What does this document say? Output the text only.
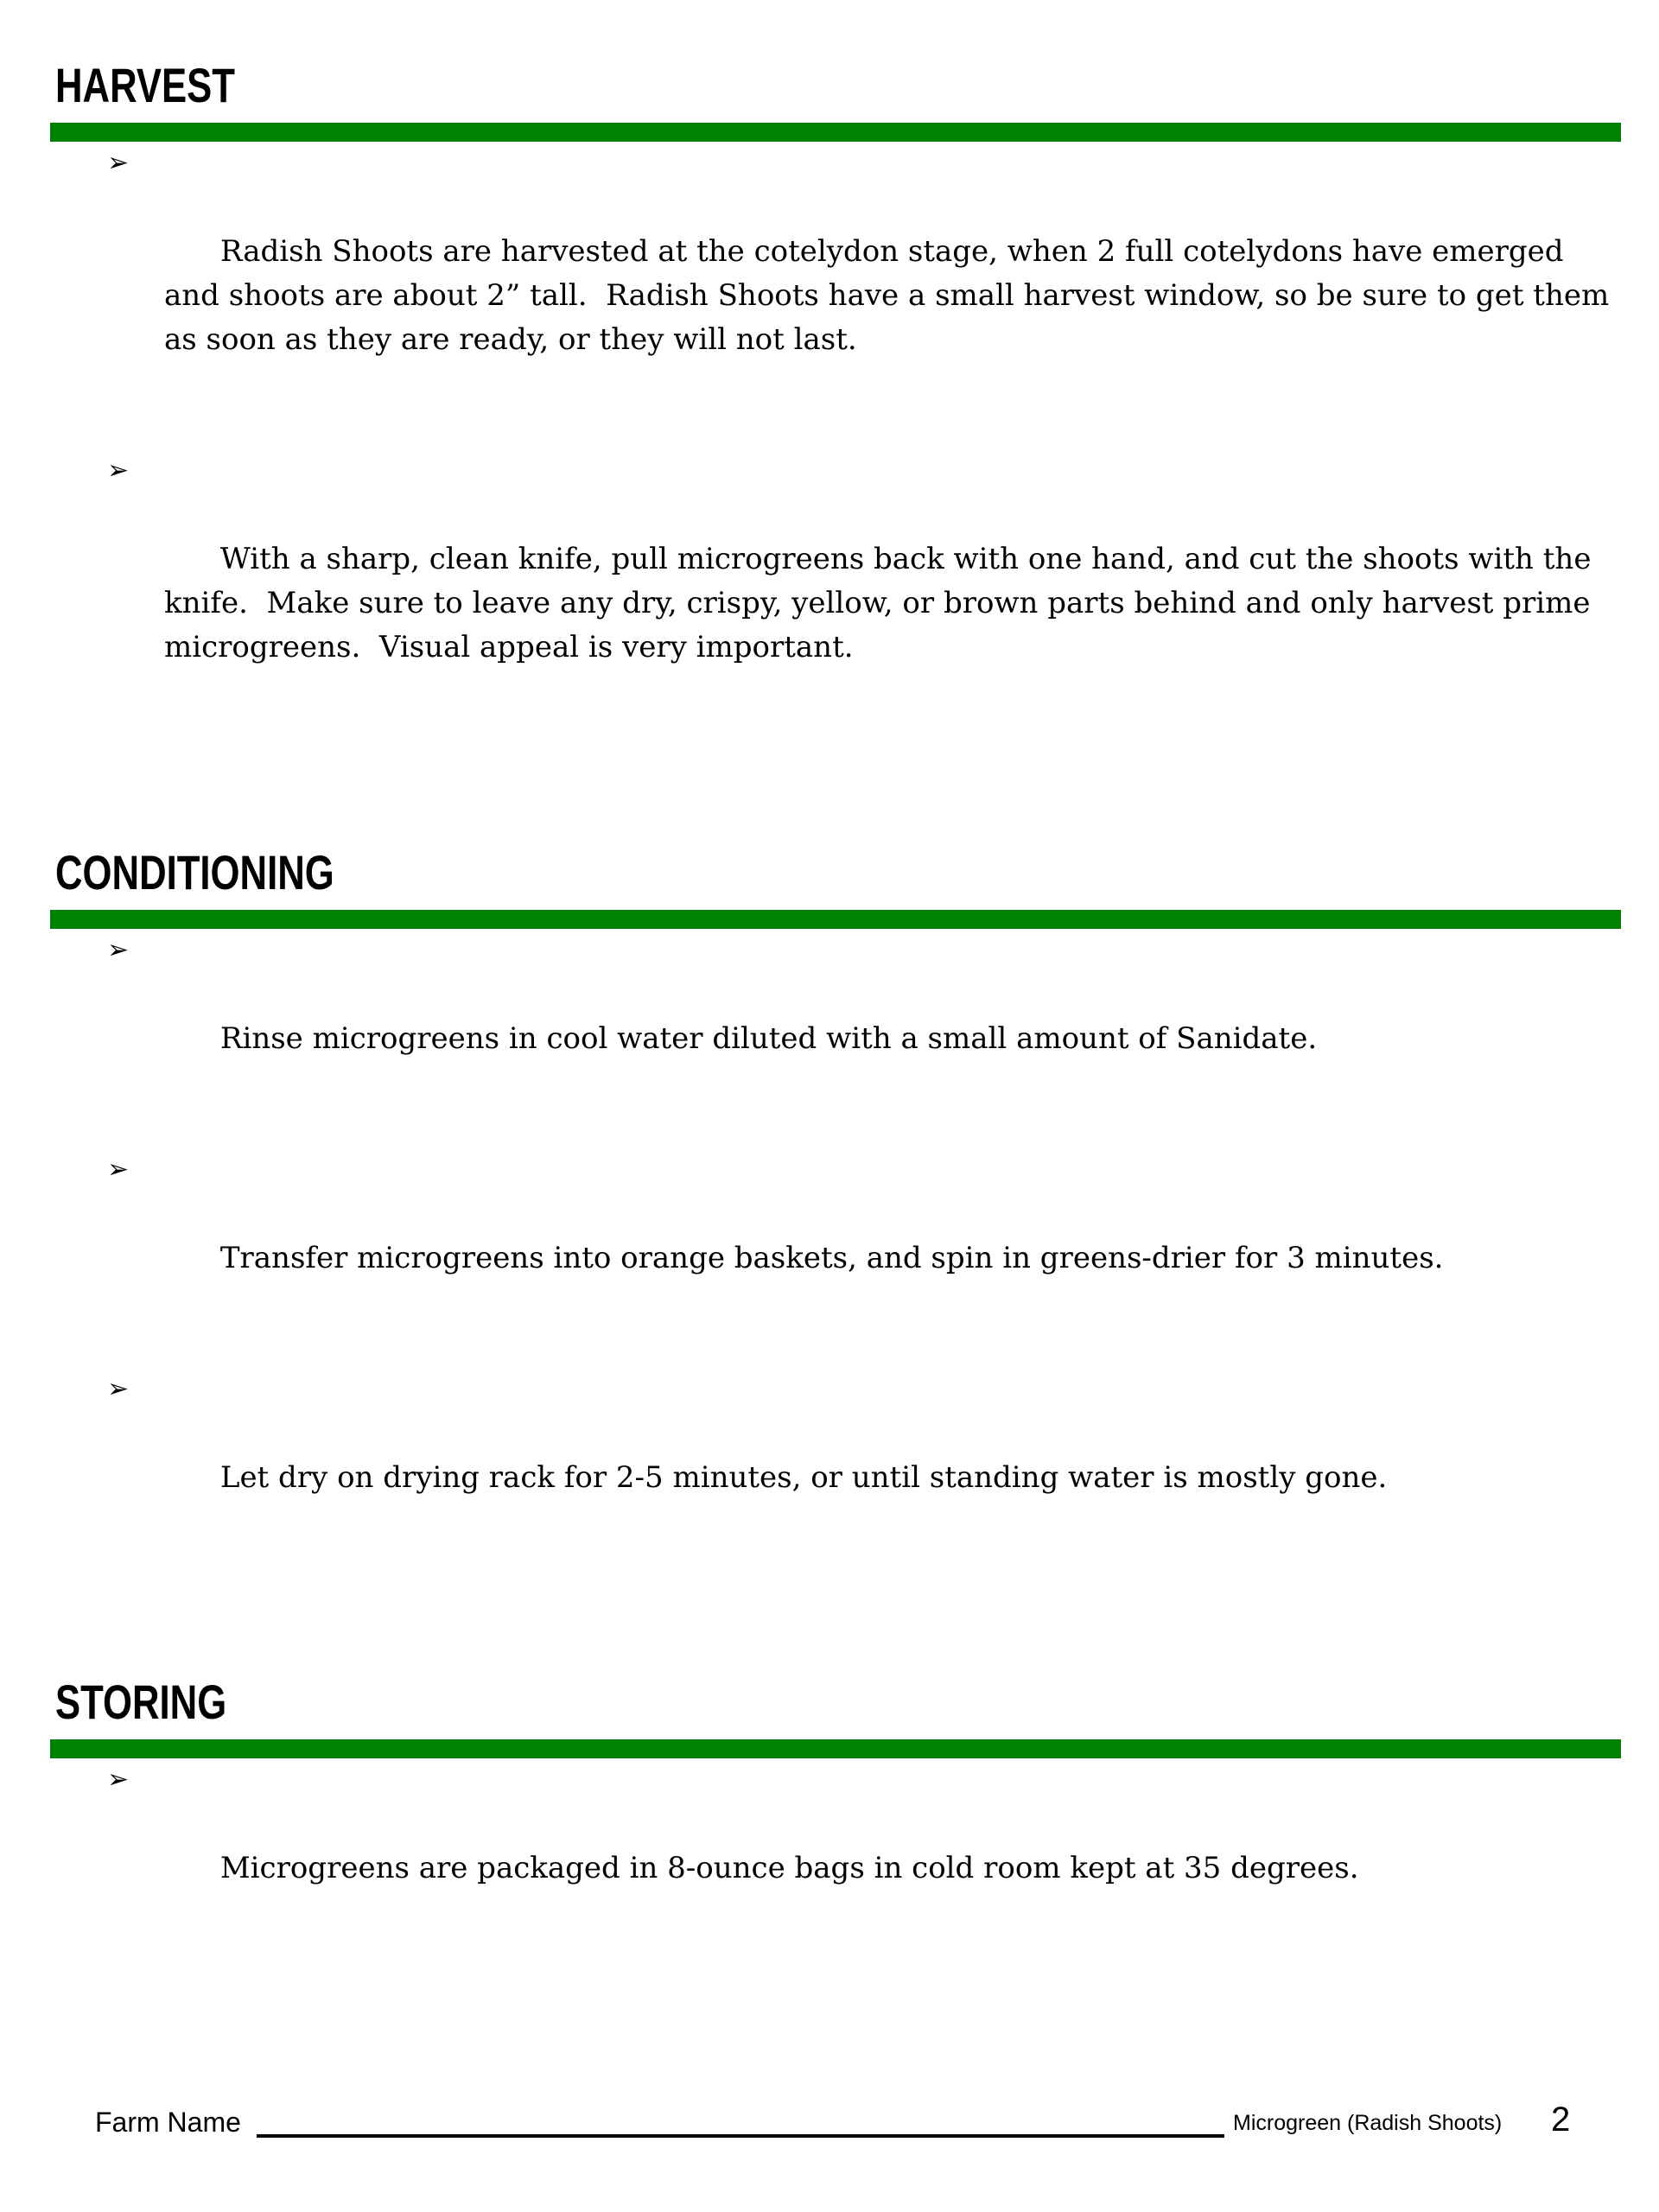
HARVEST

➢

Radish Shoots are harvested at the cotelydon stage, when 2 full cotelydons have emerged and shoots are about 2” tall.  Radish Shoots have a small harvest window, so be sure to get them as soon as they are ready, or they will not last.

➢

With a sharp, clean knife, pull microgreens back with one hand, and cut the shoots with the knife.  Make sure to leave any dry, crispy, yellow, or brown parts behind and only harvest prime microgreens.  Visual appeal is very important.

CONDITIONING

➢

Rinse microgreens in cool water diluted with a small amount of Sanidate.

➢

Transfer microgreens into orange baskets, and spin in greens-drier for 3 minutes.

➢

Let dry on drying rack for 2-5 minutes, or until standing water is mostly gone.

STORING

➢

Microgreens are packaged in 8-ounce bags in cold room kept at 35 degrees.

Farm Name	Microgreen (Radish Shoots) 2
